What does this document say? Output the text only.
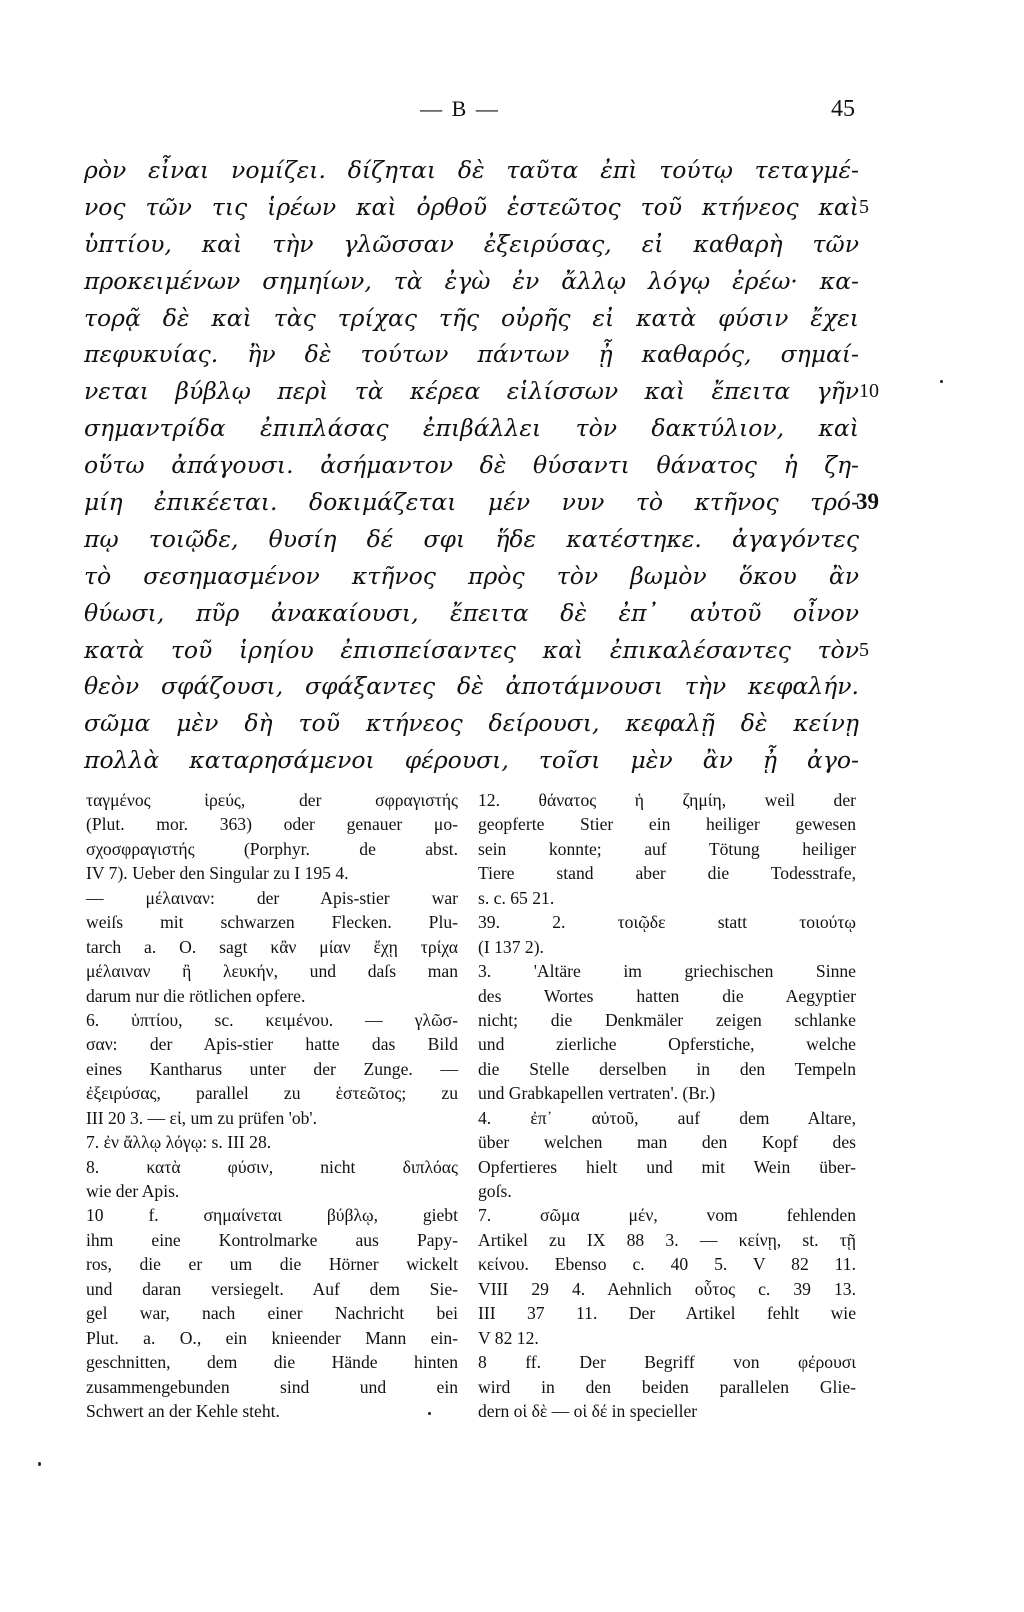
— B —	45
ρὸν εἶναι νομίζει. δίζηται δὲ ταῦτα ἐπὶ τούτῳ τεταγμέ-
νος τῶν τις ἱρέων καὶ ὀρθοῦ ἑστεῶτος τοῦ κτήνεος καὶ 5
ὑπτίου, καὶ τὴν γλῶσσαν ἐξειρύσας, εἰ καθαρὴ τῶν
προκειμένων σημηίων, τὰ ἐγὼ ἐν ἄλλῳ λόγῳ ἐρέω· κα-
τορᾷ δὲ καὶ τὰς τρίχας τῆς οὐρῆς εἰ κατὰ φύσιν ἔχει
πεφυκυίας. ἢν δὲ τούτων πάντων ᾖ καθαρός, σημαί-
νεται βύβλῳ περὶ τὰ κέρεα εἱλίσσων καὶ ἔπειτα γῆν 10
σημαντρίδα ἐπιπλάσας ἐπιβάλλει τὸν δακτύλιον, καὶ
οὕτω ἀπάγουσι. ἀσήμαντον δὲ θύσαντι θάνατος ἡ ζη-
μίη ἐπικέεται. δοκιμάζεται μέν νυν τὸ κτῆνος τρό-
39
πῳ τοιῷδε, θυσίη δέ σφι ἥδε κατέστηκε. ἀγαγόντες
τὸ σεσημασμένον κτῆνος πρὸς τὸν βωμὸν ὅκου ἂν
θύωσι, πῦρ ἀνακαίουσι, ἔπειτα δὲ ἐπ᾿ αὐτοῦ οἶνον
κατὰ τοῦ ἱρηίου ἐπισπείσαντες καὶ ἐπικαλέσαντες τὸν 5
θεὸν σφάζουσι, σφάξαντες δὲ ἀποτάμνουσι τὴν κεφαλήν.
σῶμα μὲν δὴ τοῦ κτήνεος δείρουσι, κεφαλῇ δὲ κείνῃ
πολλὰ καταρησάμενοι φέρουσι, τοῖσι μὲν ἂν ᾖ ἀγο-
ταγμένος ἱρεύς, der σφραγιστής
(Plut. mor. 363) oder genauer μο-
σχοσφραγιστής (Porphyr. de abst.
IV 7). Ueber den Singular zu I 195 4.
— μέλαιναν: der Apis-stier war
weiſs mit schwarzen Flecken. Plu-
tarch a. O. sagt κἂν μίαν ἔχῃ τρίχα
μέλαιναν ἢ λευκήν, und daſs man
darum nur die rötlichen opfere.
6. ὑπτίου, sc. κειμένου. — γλῶσ-
σαν: der Apis-stier hatte das Bild
eines Kantharus unter der Zunge. —
ἐξειρύσας, parallel zu ἑστεῶτος; zu
III 20 3. — εἰ, um zu prüfen 'ob'.
7. ἐν ἄλλῳ λόγῳ: s. III 28.
8. κατὰ φύσιν, nicht διπλόας
wie der Apis.
10 f. σημαίνεται βύβλῳ, giebt
ihm eine Kontrolmarke aus Papy-
ros, die er um die Hörner wickelt
und daran versiegelt. Auf dem Sie-
gel war, nach einer Nachricht bei
Plut. a. O., ein knieender Mann ein-
geschnitten, dem die Hände hinten
zusammengebunden sind und ein
Schwert an der Kehle steht.
12. θάνατος ἡ ζημίη, weil der
geopferte Stier ein heiliger gewesen
sein konnte; auf Tötung heiliger
Tiere stand aber die Todesstrafe,
s. c. 65 21.
39. 2. τοιῷδε statt τοιούτῳ
(I 137 2).
3. 'Altäre im griechischen Sinne
des Wortes hatten die Aegyptier
nicht; die Denkmäler zeigen schlanke
und zierliche Opferstiche, welche
die Stelle derselben in den Tempeln
und Grabkapellen vertraten'. (Br.)
4. ἐπ᾿ αὐτοῦ, auf dem Altare,
über welchen man den Kopf des
Opfertieres hielt und mit Wein über-
goſs.
7. σῶμα μέν, vom fehlenden
Artikel zu IX 88 3. — κείνῃ, st. τῇ
κείνου. Ebenso c. 40 5. V 82 11.
VIII 29 4. Aehnlich οὗτος c. 39 13.
III 37 11. Der Artikel fehlt wie
V 82 12.
8 ff. Der Begriff von φέρουσι
wird in den beiden parallelen Glie-
dern οἱ δὲ — οἱ δέ in specieller
